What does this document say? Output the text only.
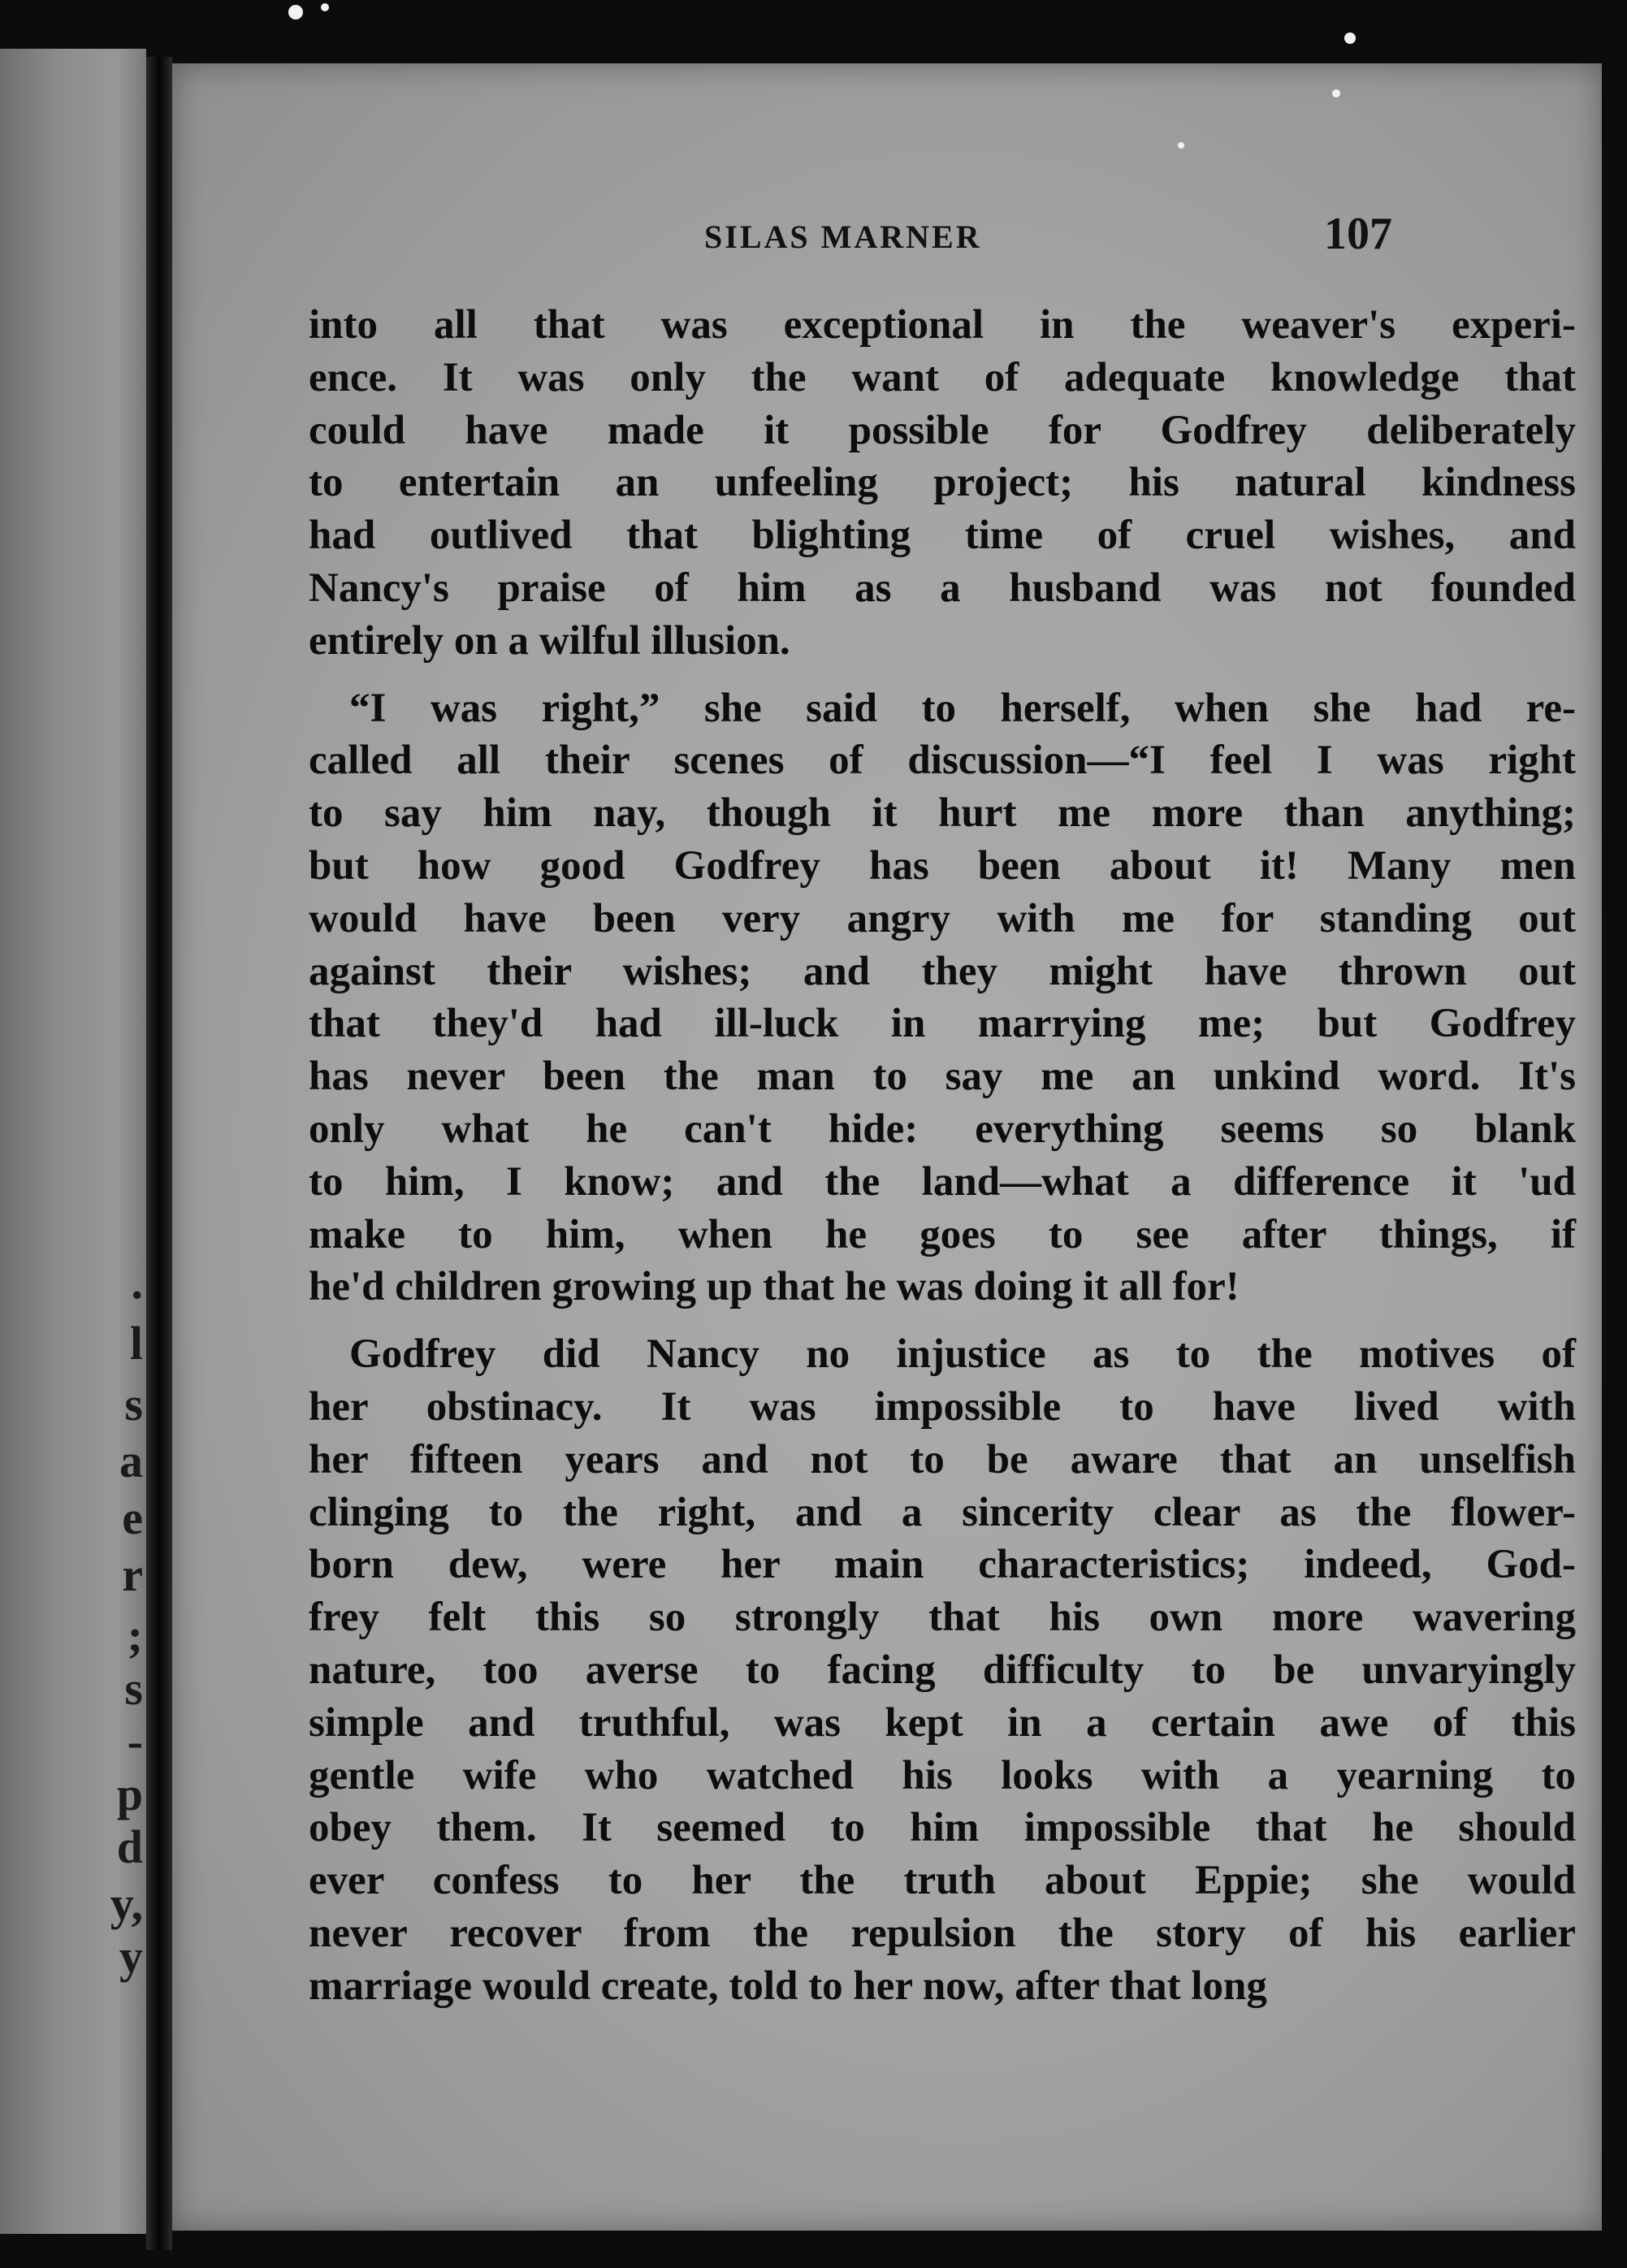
.
l
s
a
e
r
;
s
-
p
d
y,
y
SILAS MARNER	107
into all that was exceptional in the weaver's experi-
ence. It was only the want of adequate knowledge that
could have made it possible for Godfrey deliberately
to entertain an unfeeling project; his natural kindness
had outlived that blighting time of cruel wishes, and
Nancy's praise of him as a husband was not founded
entirely on a wilful illusion.
“I was right,” she said to herself, when she had re-
called all their scenes of discussion—“I feel I was right
to say him nay, though it hurt me more than anything;
but how good Godfrey has been about it! Many men
would have been very angry with me for standing out
against their wishes; and they might have thrown out
that they'd had ill-luck in marrying me; but Godfrey
has never been the man to say me an unkind word. It's
only what he can't hide: everything seems so blank
to him, I know; and the land—what a difference it 'ud
make to him, when he goes to see after things, if
he'd children growing up that he was doing it all for!
Godfrey did Nancy no injustice as to the motives of
her obstinacy. It was impossible to have lived with
her fifteen years and not to be aware that an unselfish
clinging to the right, and a sincerity clear as the flower-
born dew, were her main characteristics; indeed, God-
frey felt this so strongly that his own more wavering
nature, too averse to facing difficulty to be unvaryingly
simple and truthful, was kept in a certain awe of this
gentle wife who watched his looks with a yearning to
obey them. It seemed to him impossible that he should
ever confess to her the truth about Eppie; she would
never recover from the repulsion the story of his earlier
marriage would create, told to her now, after that long
